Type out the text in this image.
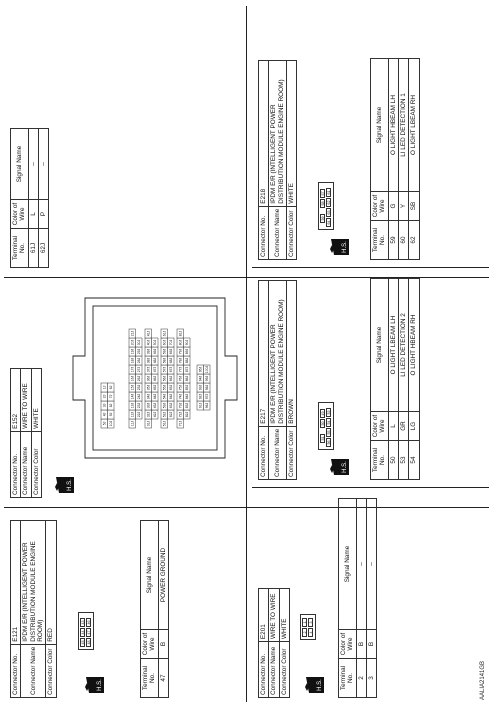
Connector No.	E121
Connector Name	IPDM E/R (INTELLIGENT POWER DISTRIBUTION MODULE ENGINE ROOM)
Connector Color	RED
H.S.
45
44
43
48
47
46
Terminal No.	Color of Wire	Signal Name
47	B	POWER GROUND
Connector No.	E152
Connector Name	WIRE TO WIRE
Connector Color	WHITE
H.S.
5J
4J
3J
2J
1J
10J
9J
8J
7J
6J
11J
12J
13J
14J
15J
16J
17J
18J
19J
20J
21J
22J
23J
24J
25J
26J
27J
28J
29J
30J
31J
32J
33J
34J
35J
36J
37J
38J
39J
40J
41J
42J
43J
44J
45J
46J
47J
48J
49J
50J
51J
52J
53J
54J
55J
56J
57J
58J
59J
60J
61J
62J
63J
64J
65J
66J
67J
68J
69J
70J
71J
72J
73J
74J
75J
76J
77J
78J
79J
80J
81J
82J
83J
84J
85J
86J
87J
88J
89J
90J
91J
92J
93J
94J
95J
96J
97J
98J
99J
100J
Terminal No.	Color of Wire	Signal Name
61J	L	–
62J	P	–
Connector No.	E201
Connector Name	WIRE TO WIRE
Connector Color	WHITE
H.S.
2
1
4
3
Terminal No.	Color of Wire	Signal Name
2	B	–
3	B	–
Connector No.	E217
Connector Name	IPDM E/R (INTELLIGENT POWER DISTRIBUTION MODULE ENGINE ROOM)
Connector Color	BROWN
H.S.
51
50
49
56
55
54
53
Terminal No.	Color of Wire	Signal Name
50	L	O LIGHT LBEAM LH
53	GR	LI LED DETECTION 2
54	LG	O LIGHT HBEAM RH
Connector No.	E218
Connector Name	IPDM E/R (INTELLIGENT POWER DISTRIBUTION MODULE ENGINE ROOM)
Connector Color	WHITE
H.S.
59
58
57
64
63
62
61
Terminal No.	Color of Wire	Signal Name
59	G	O LIGHT HBEAM LH
60	Y	LI LED DETECTION 1
62	SB	O LIGHT LBEAM RH
AALIA2141GB
